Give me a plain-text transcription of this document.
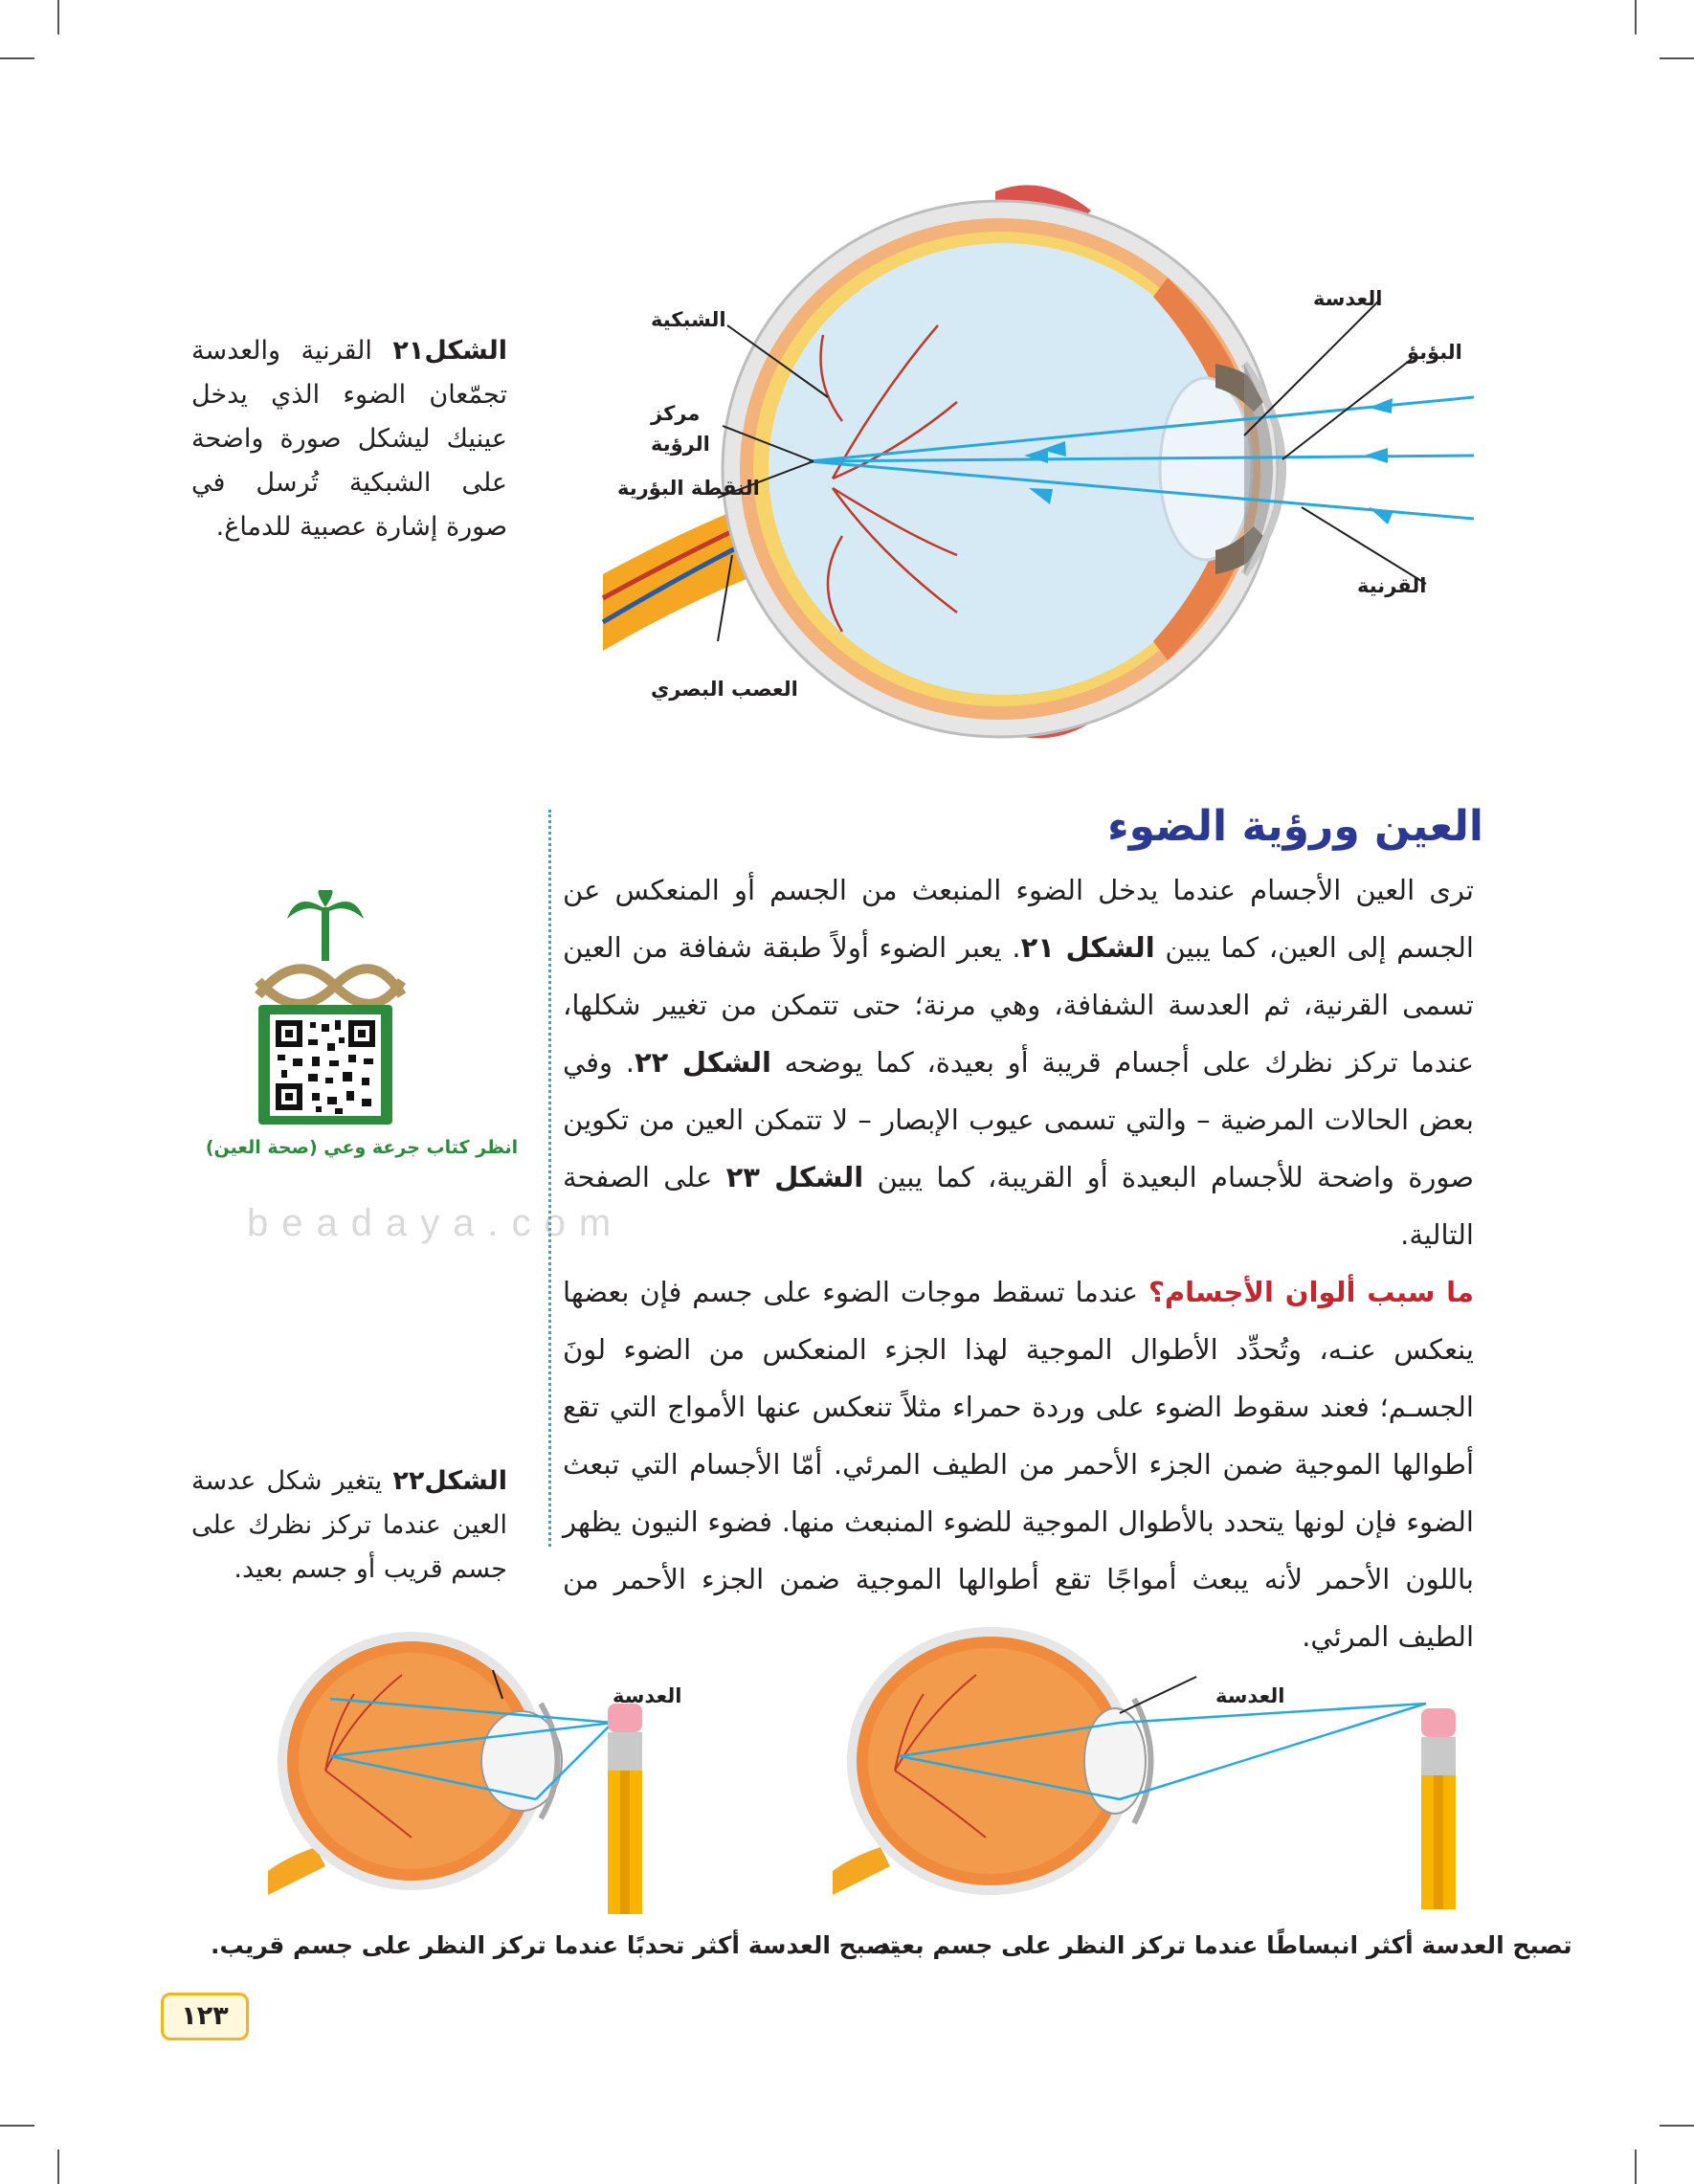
الشكل٢١ القرنية والعدسة تجمّعان الضوء الذي يدخل عينيك ليشكل صورة واضحة على الشبكية تُرسل في صورة إشارة عصبية للدماغ.
الشبكية
مركز
الرؤية
النقطة البؤرية
العصب البصري
العدسة
البؤبؤ
القرنية
انظر كتاب جرعة وعي (صحة العين)
beadaya.com
العين ورؤية الضوء

ترى العين الأجسام عندما يدخل الضوء المنبعث من الجسم أو المنعكس عن الجسم إلى العين، كما يبين الشكل ٢١. يعبر الضوء أولاً طبقة شفافة من العين تسمى القرنية، ثم العدسة الشفافة، وهي مرنة؛ حتى تتمكن من تغيير شكلها، عندما تركز نظرك على أجسام قريبة أو بعيدة، كما يوضحه الشكل ٢٢. وفي بعض الحالات المرضية – والتي تسمى عيوب الإبصار – لا تتمكن العين من تكوين صورة واضحة للأجسام البعيدة أو القريبة، كما يبين الشكل ٢٣ على الصفحة التالية.

ما سبب ألوان الأجسام؟ عندما تسقط موجات الضوء على جسم فإن بعضها ينعكس عنـه، وتُحدِّد الأطوال الموجية لهذا الجزء المنعكس من الضوء لونَ الجسـم؛ فعند سقوط الضوء على وردة حمراء مثلاً تنعكس عنها الأمواج التي تقع أطوالها الموجية ضمن الجزء الأحمر من الطيف المرئي. أمّا الأجسام التي تبعث الضوء فإن لونها يتحدد بالأطوال الموجية للضوء المنبعث منها. فضوء النيون يظهر باللون الأحمر لأنه يبعث أمواجًا تقع أطوالها الموجية ضمن الجزء الأحمر من الطيف المرئي.

الشكل٢٢ يتغير شكل عدسة العين عندما تركز نظرك على جسم قريب أو جسم بعيد.
العدسة	العدسة
تصبح العدسة أكثر تحدبًا عندما تركز النظر على جسم قريب.
تصبح العدسة أكثر انبساطًا عندما تركز النظر على جسم بعيد.
١٢٣
